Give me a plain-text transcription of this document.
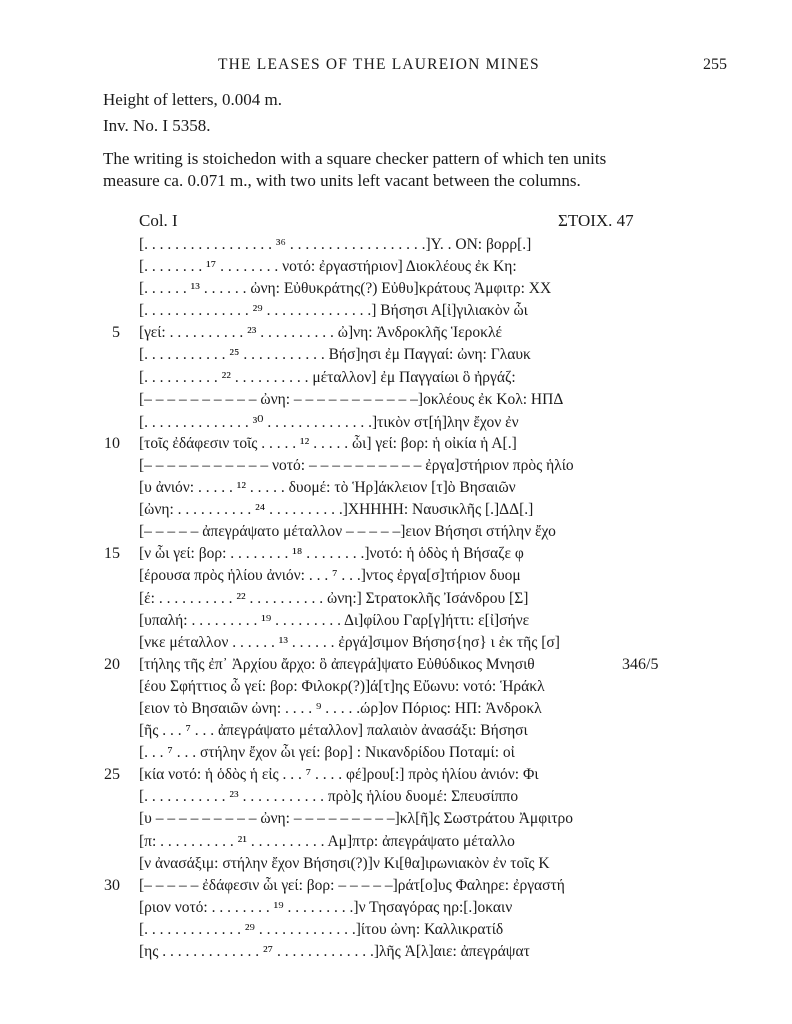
THE LEASES OF THE LAUREION MINES	255
Height of letters, 0.004 m.
Inv. No. I 5358.
The writing is stoichedon with a square checker pattern of which ten units
measure ca. 0.071 m., with two units left vacant between the columns.
Col. I	ΣΤΟΙΧ. 47
[. . . . . . . . . . . . . . . . . ³⁶ . . . . . . . . . . . . . . . . . .]Υ. . ΟΝ: βορρ[.]
[. . . . . . . . ¹⁷ . . . . . . . . νοτό: ἐργαστήριον] Διοκλέους ἐκ Κη:
[. . . . . . ¹³ . . . . . . ὠνη: Εὐθυκράτης(?) Εὐθυ]κράτους Ἀμφιτρ: ΧΧ
[. . . . . . . . . . . . . . ²⁹ . . . . . . . . . . . . . .] Βήσησι Α[ἰ]γιλιακὸν ὧι
5 [γεί: . . . . . . . . . . ²³ . . . . . . . . . . ὠ]νη: Ἀνδροκλῆς Ἱεροκλέ
[. . . . . . . . . . . ²⁵ . . . . . . . . . . . Βήσ]ησι ἐμ Παγγαί: ὠνη: Γλαυκ
[. . . . . . . . . . ²² . . . . . . . . . . μέταλλον] ἐμ Παγγαίωι ὃ ἠργάζ:
[– – – – – – – – – – ὠνη: – – – – – – – – – – –]οκλέους ἐκ Κολ: ΗΠΔ
[. . . . . . . . . . . . . . ³⁰ . . . . . . . . . . . . . .]τικὸν στ[ή]λην ἔχον ἐν
10 [τοῖς ἐδάφεσιν τοῖς . . . . . ¹² . . . . . ὧι] γεί: βορ: ἡ οἰκία ἡ Α[.]
[– – – – – – – – – – – νοτό: – – – – – – – – – – ἐργα]στήριον πρὸς ἡλίο
[υ ἀνιόν: . . . . . ¹² . . . . . δυομέ: τὸ Ἡρ]άκλειον [τ]ὸ Βησαιῶν
[ὠνη: . . . . . . . . . . ²⁴ . . . . . . . . . .]ΧΗΗΗΗ: Ναυσικλῆς [.]ΔΔ[.]
[– – – – – ἀπεγράψατο μέταλλον – – – – –]ειον Βήσησι στήλην ἔχο
15 [ν ὧι γεί: βορ: . . . . . . . . ¹⁸ . . . . . . . .]νοτό: ἡ ὁδὸς ἡ Βήσαζε φ
[έρουσα πρὸς ἡλίου ἀνιόν: . . . ⁷ . . .]ντος ἐργα[σ]τήριον δυομ
[έ: . . . . . . . . . . ²² . . . . . . . . . . ὠνη:] Στρατοκλῆς Ἰσάνδρου [Σ]
[υπαλή: . . . . . . . . . ¹⁹ . . . . . . . . . Δι]φίλου Γαρ[γ]ήττι: ε[ἰ]σήνε
[νκε μέταλλον . . . . . . ¹³ . . . . . . ἐργά]σιμον Βήσησ{ησ} ι ἐκ τῆς [σ]
20 [τήλης τῆς ἐπ᾿ Ἀρχίου ἄρχο: ὃ ἀπεγρά]ψατο Εὐθύδικος Μνησιθ	346/5
[έου Σφήττιος ὧ γεί: βορ: Φιλοκρ(?)]ά[τ]ης Εὔωνυ: νοτό: Ἡράκλ
[ειον τὸ Βησαιῶν ὠνη: . . . . ⁹ . . . . .ώρ]ον Πόριος: ΗΠ: Ἀνδροκλ
[ῆς . . . ⁷ . . . ἀπεγράψατο μέταλλον] παλαιὸν ἀνασάξι: Βήσησι
[. . . ⁷ . . . στήλην ἔχον ὧι γεί: βορ] : Νικανδρίδου Ποταμί: οἰ
25 [κία νοτό: ἡ ὁδὸς ἡ εἰς . . . ⁷ . . . . φέ]ρου[:] πρὸς ἡλίου ἀνιόν: Φι
[. . . . . . . . . . . ²³ . . . . . . . . . . . πρὸ]ς ἡλίου δυομέ: Σπευσίππο
[υ – – – – – – – – – ὠνη: – – – – – – – – –]κλ[ῆ]ς Σωστράτου Ἀμφιτρο
[π: . . . . . . . . . . ²¹ . . . . . . . . . . Αμ]πτρ: ἀπεγράψατο μέταλλο
[ν ἀνασάξιμ: στήλην ἔχον Βήσησι(?)]ν Κι[θα]ιρωνιακὸν ἐν τοῖς Κ
30 [– – – – – ἐδάφεσιν ὧι γεί: βορ: – – – – –]ράτ[ο]υς Φαληρε: ἐργαστή
[ριον νοτό: . . . . . . . . ¹⁹ . . . . . . . . .]ν Τησαγόρας ηρ:[.]οκαιν
[. . . . . . . . . . . . . ²⁹ . . . . . . . . . . . . .]ίτου ὠνη: Καλλικρατίδ
[ης . . . . . . . . . . . . . ²⁷ . . . . . . . . . . . . .]λῆς Ἁ[λ]αιε: ἀπεγράψατ
